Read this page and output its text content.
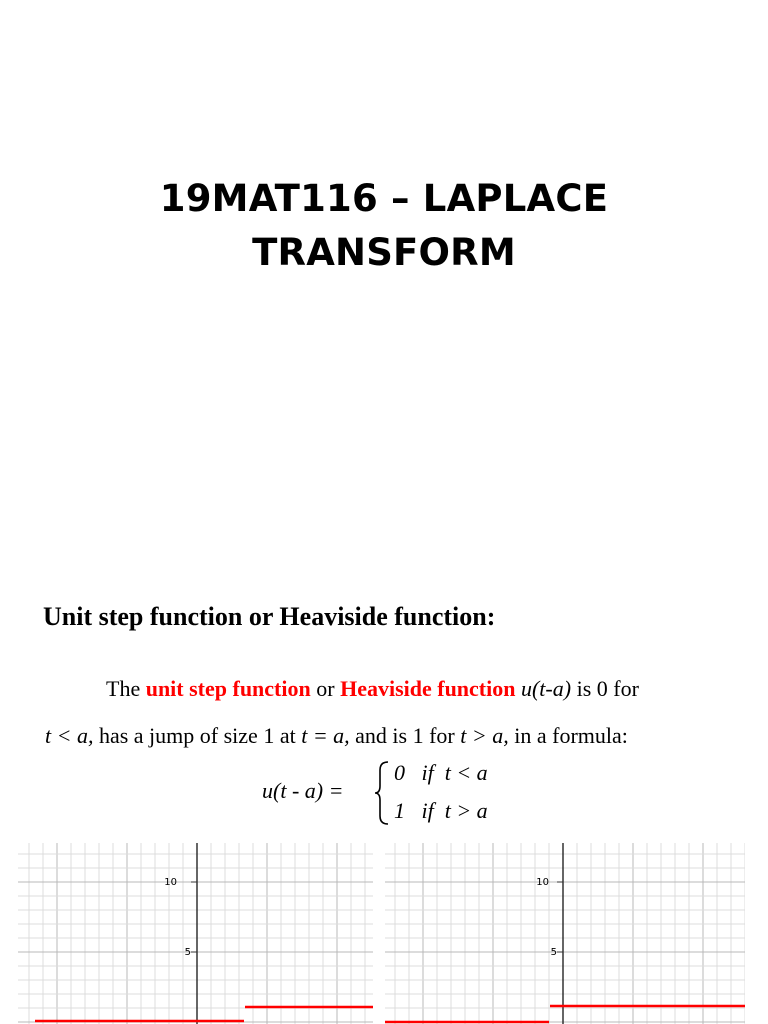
19MAT116 – LAPLACE
TRANSFORM
Unit step function or Heaviside function:
The unit step function or Heaviside function u(t-a) is 0 for
t < a, has a jump of size 1 at t = a, and is 1 for t > a, in a formula:
u(t - a) =
0   if  t < a
1   if  t > a
10
5
10
5
